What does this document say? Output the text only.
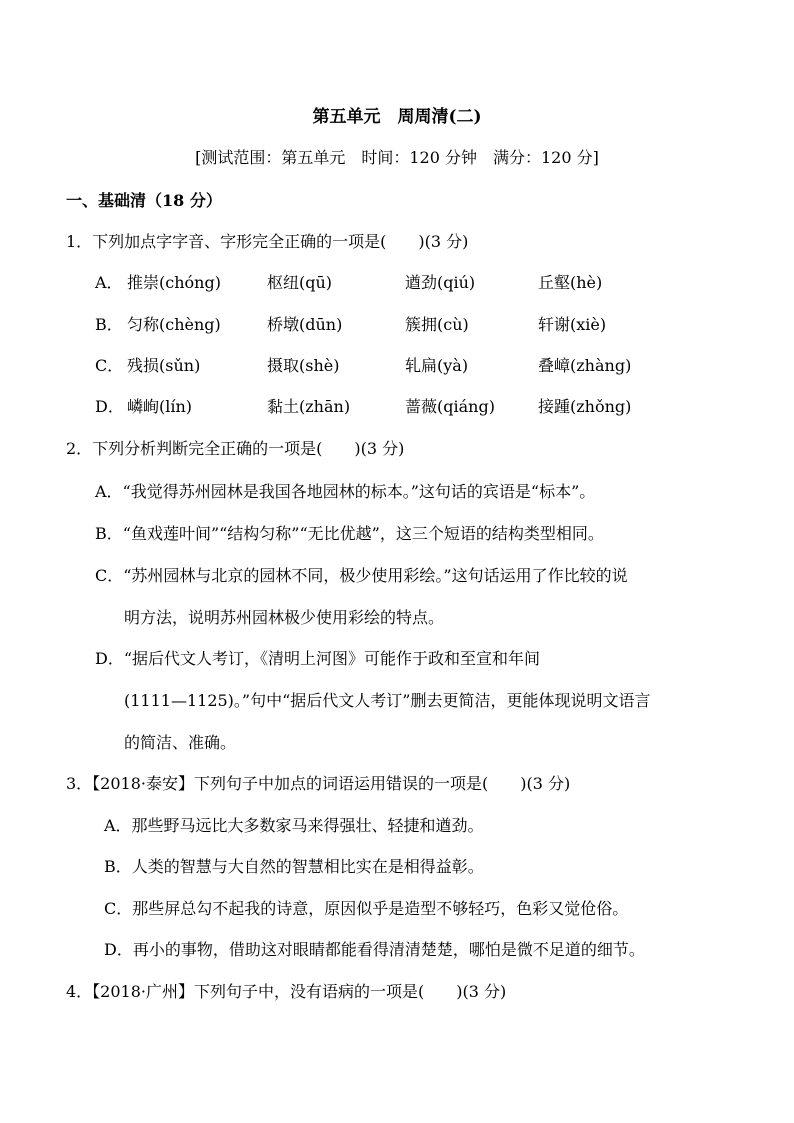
第五单元　周周清(二)
[测试范围：第五单元　时间：120 分钟　满分：120 分]
一、基础清（18 分）
1．下列加点字字音、字形完全正确的一项是(　　)(3 分)
A． 推崇(chóng)	枢纽(qū)	遒劲(qiú)	丘壑(hè)
B． 匀称(chèng)	桥墩(dūn)	簇拥(cù)	轩谢(xiè)
C． 残损(sǔn)	摄取(shè)	轧扁(yà)	叠嶂(zhàng)
D． 嶙峋(lín)	黏土(zhān)	蔷薇(qiáng)	接踵(zhǒng)
2．下列分析判断完全正确的一项是(　　)(3 分)
A．“我觉得苏州园林是我国各地园林的标本。”这句话的宾语是“标本”。
B．“鱼戏莲叶间”“结构匀称”“无比优越”，这三个短语的结构类型相同。
C．“苏州园林与北京的园林不同，极少使用彩绘。”这句话运用了作比较的说
明方法，说明苏州园林极少使用彩绘的特点。
D．“据后代文人考订，《清明上河图》可能作于政和至宣和年间
(1111—1125)。”句中“据后代文人考订”删去更简洁，更能体现说明文语言
的简洁、准确。
3．【2018·泰安】下列句子中加点的词语运用错误的一项是(　　)(3 分)
A．那些野马远比大多数家马来得强壮、轻捷和遒劲。
B．人类的智慧与大自然的智慧相比实在是相得益彰。
C．那些屏总勾不起我的诗意，原因似乎是造型不够轻巧，色彩又觉伧俗。
D．再小的事物，借助这对眼睛都能看得清清楚楚，哪怕是微不足道的细节。
4．【2018·广州】下列句子中，没有语病的一项是(　　)(3 分)
